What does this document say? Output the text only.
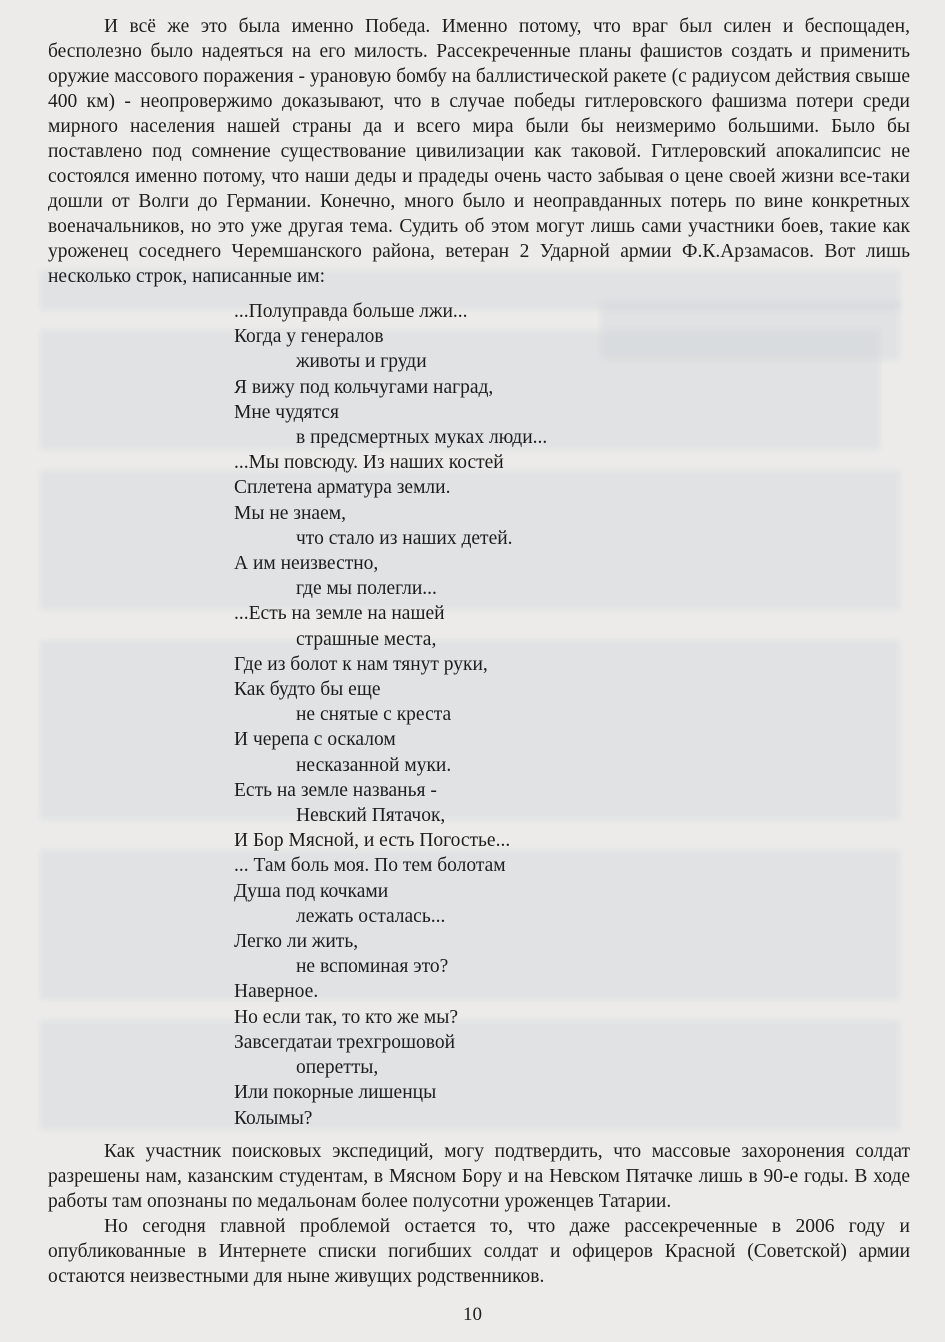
И всё же это была именно Победа. Именно потому, что враг был силен и беспощаден, бесполезно было надеяться на его милость. Рассекреченные планы фашистов создать и применить оружие массового поражения - урановую бомбу на баллистической ракете (с радиусом действия свыше 400 км) - неопровержимо доказывают, что в случае победы гитлеровского фашизма потери среди мирного населения нашей страны да и всего мира были бы неизмеримо большими. Было бы поставлено под сомнение существование цивилизации как таковой. Гитлеровский апокалипсис не состоялся именно потому, что наши деды и прадеды очень часто забывая о цене своей жизни все-таки дошли от Волги до Германии. Конечно, много было и неоправданных потерь по вине конкретных военачальников, но это уже другая тема. Судить об этом могут лишь сами участники боев, такие как уроженец соседнего Черемшанского района, ветеран 2 Ударной армии Ф.К.Арзамасов. Вот лишь несколько строк, написанные им:

...Полуправда больше лжи...
Когда у генералов
животы и груди
Я вижу под кольчугами наград,
Мне чудятся
в предсмертных муках люди...
...Мы повсюду. Из наших костей
Сплетена арматура земли.
Мы не знаем,
что стало из наших детей.
А им неизвестно,
где мы полегли...
...Есть на земле на нашей
страшные места,
Где из болот к нам тянут руки,
Как будто бы еще
не снятые с креста
И черепа с оскалом
несказанной муки.
Есть на земле названья -
Невский Пятачок,
И Бор Мясной, и есть Погостье...
... Там боль моя. По тем болотам
Душа под кочками
лежать осталась...
Легко ли жить,
не вспоминая это?
Наверное.
Но если так, то кто же мы?
Завсегдатаи трехгрошовой
оперетты,
Или покорные лишенцы
Колымы?

Как участник поисковых экспедиций, могу подтвердить, что массовые захоронения солдат разрешены нам, казанским студентам, в Мясном Бору и на Невском Пятачке лишь в 90-е годы. В ходе работы там опознаны по медальонам более полусотни уроженцев Татарии.

Но сегодня главной проблемой остается то, что даже рассекреченные в 2006 году и опубликованные в Интернете списки погибших солдат и офицеров Красной (Советской) армии остаются неизвестными для ныне живущих родственников.

10
